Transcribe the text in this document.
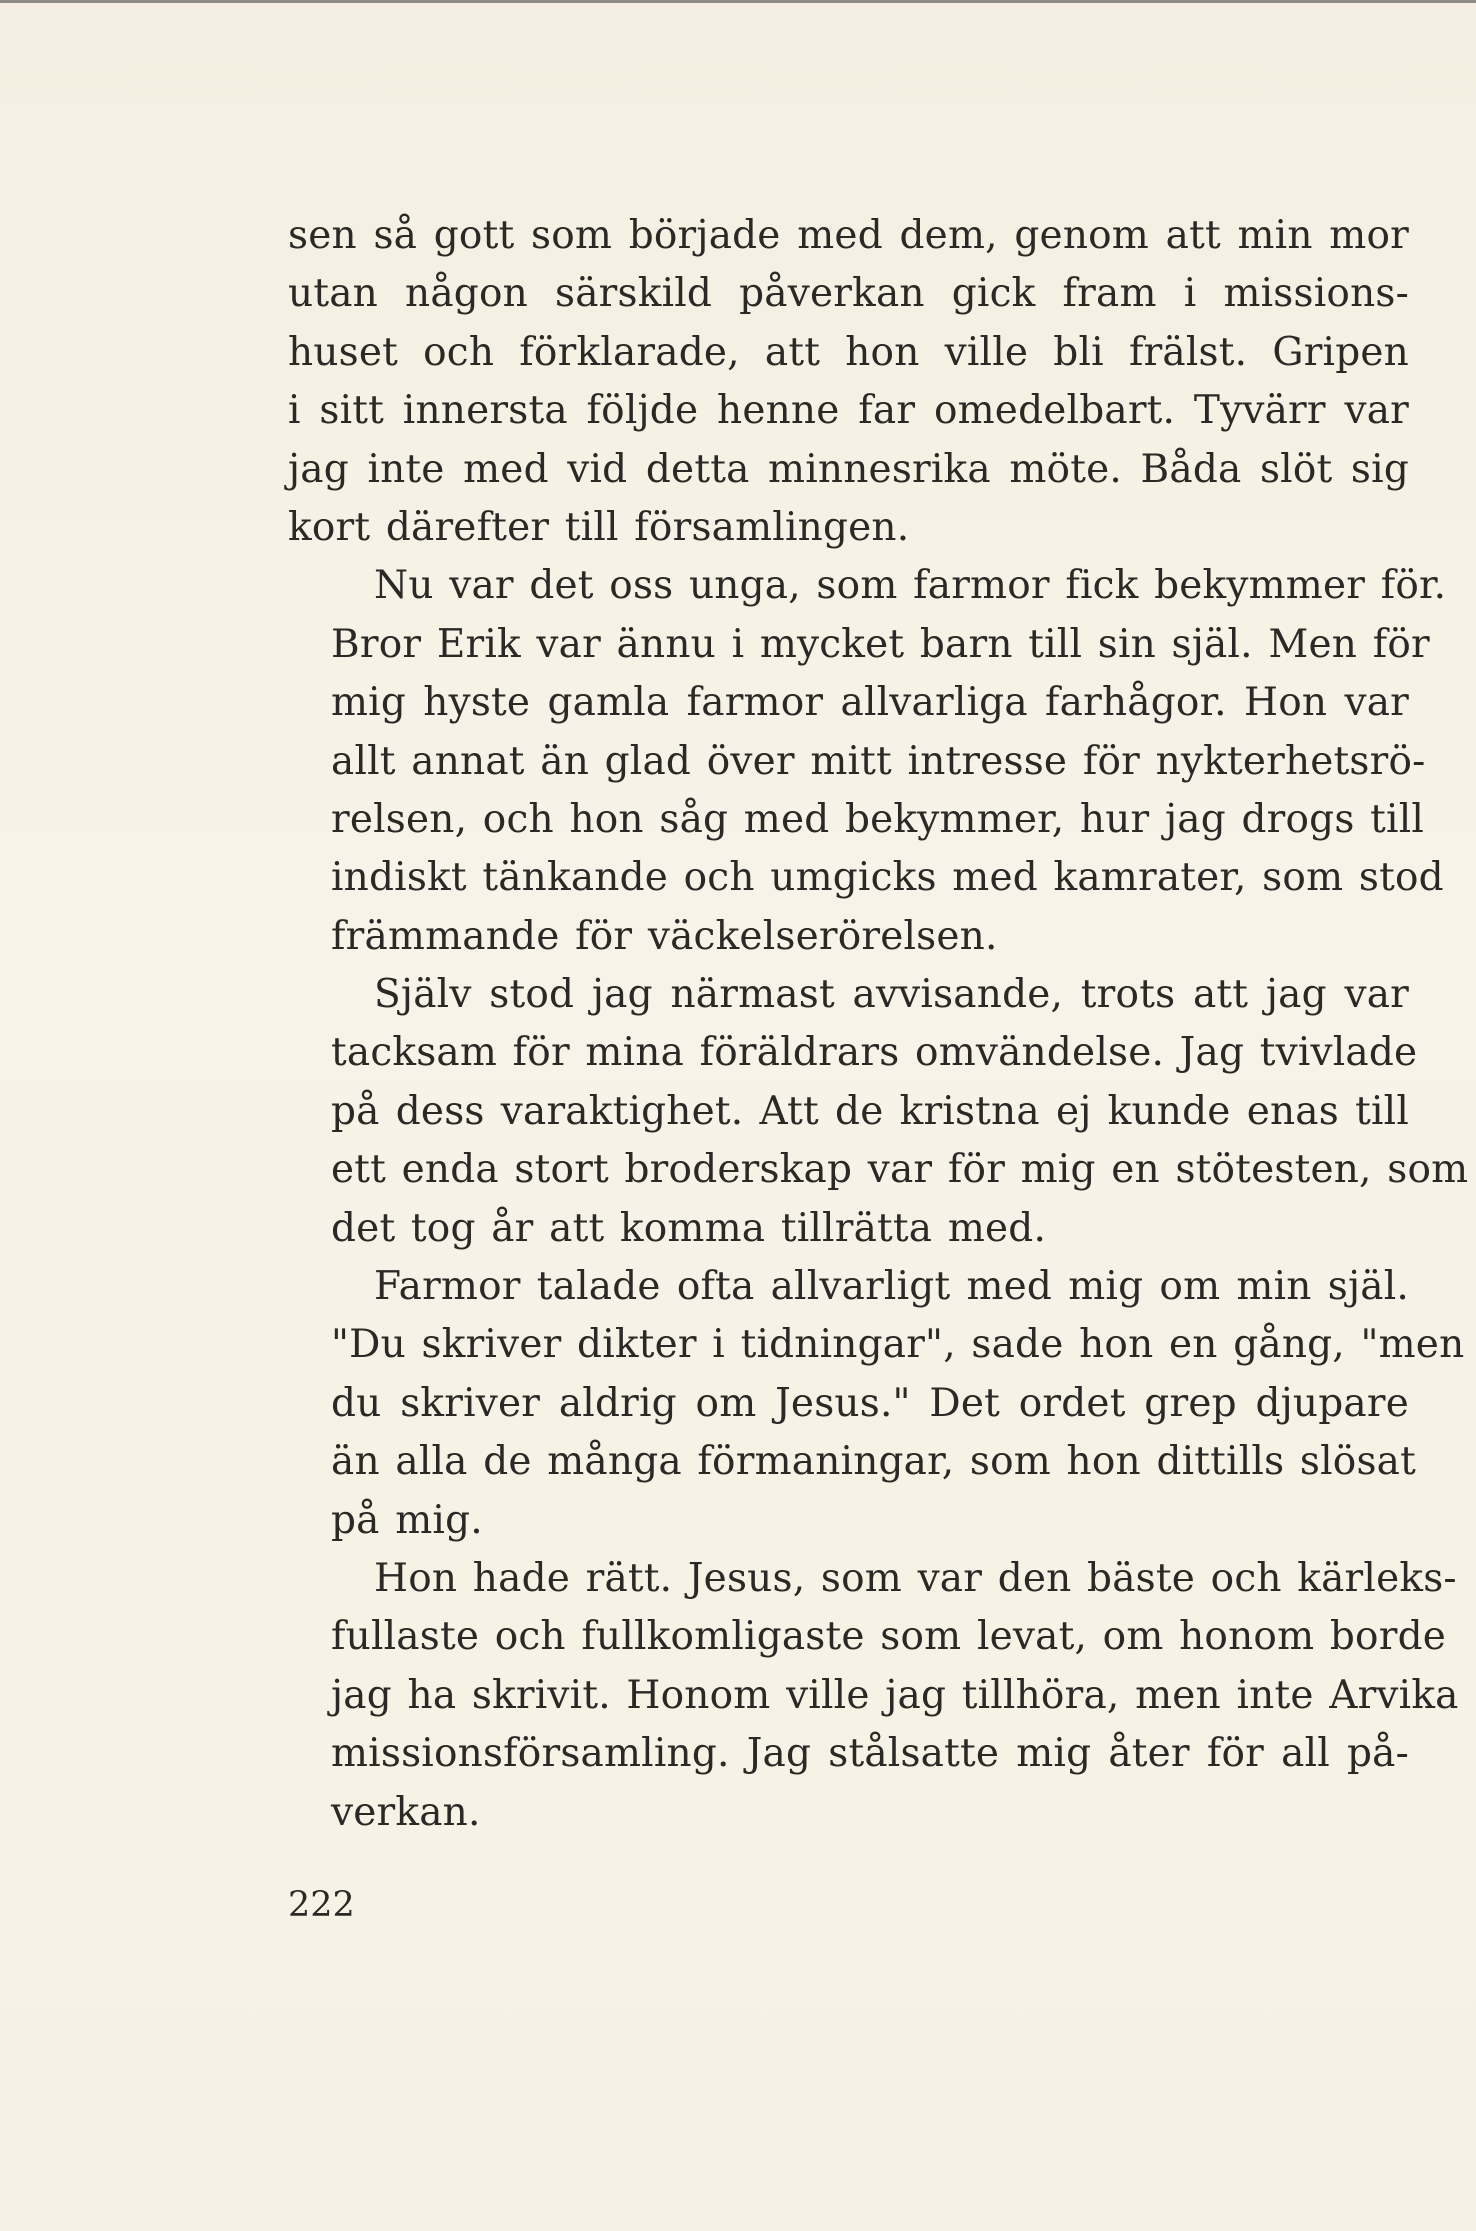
sen så gott som började med dem, genom att min mor
utan någon särskild påverkan gick fram i missions-
huset och förklarade, att hon ville bli frälst. Gripen
i sitt innersta följde henne far omedelbart. Tyvärr var
jag inte med vid detta minnesrika möte. Båda slöt sig
kort därefter till församlingen.

Nu var det oss unga, som farmor fick bekymmer för.
Bror Erik var ännu i mycket barn till sin själ. Men för
mig hyste gamla farmor allvarliga farhågor. Hon var
allt annat än glad över mitt intresse för nykterhetsrö-
relsen, och hon såg med bekymmer, hur jag drogs till
indiskt tänkande och umgicks med kamrater, som stod
främmande för väckelserörelsen.

Själv stod jag närmast avvisande, trots att jag var
tacksam för mina föräldrars omvändelse. Jag tvivlade
på dess varaktighet. Att de kristna ej kunde enas till
ett enda stort broderskap var för mig en stötesten, som
det tog år att komma tillrätta med.

Farmor talade ofta allvarligt med mig om min själ.
"Du skriver dikter i tidningar", sade hon en gång, "men
du skriver aldrig om Jesus." Det ordet grep djupare
än alla de många förmaningar, som hon dittills slösat
på mig.

Hon hade rätt. Jesus, som var den bäste och kärleks-
fullaste och fullkomligaste som levat, om honom borde
jag ha skrivit. Honom ville jag tillhöra, men inte Arvika
missionsförsamling. Jag stålsatte mig åter för all på-
verkan.

222
